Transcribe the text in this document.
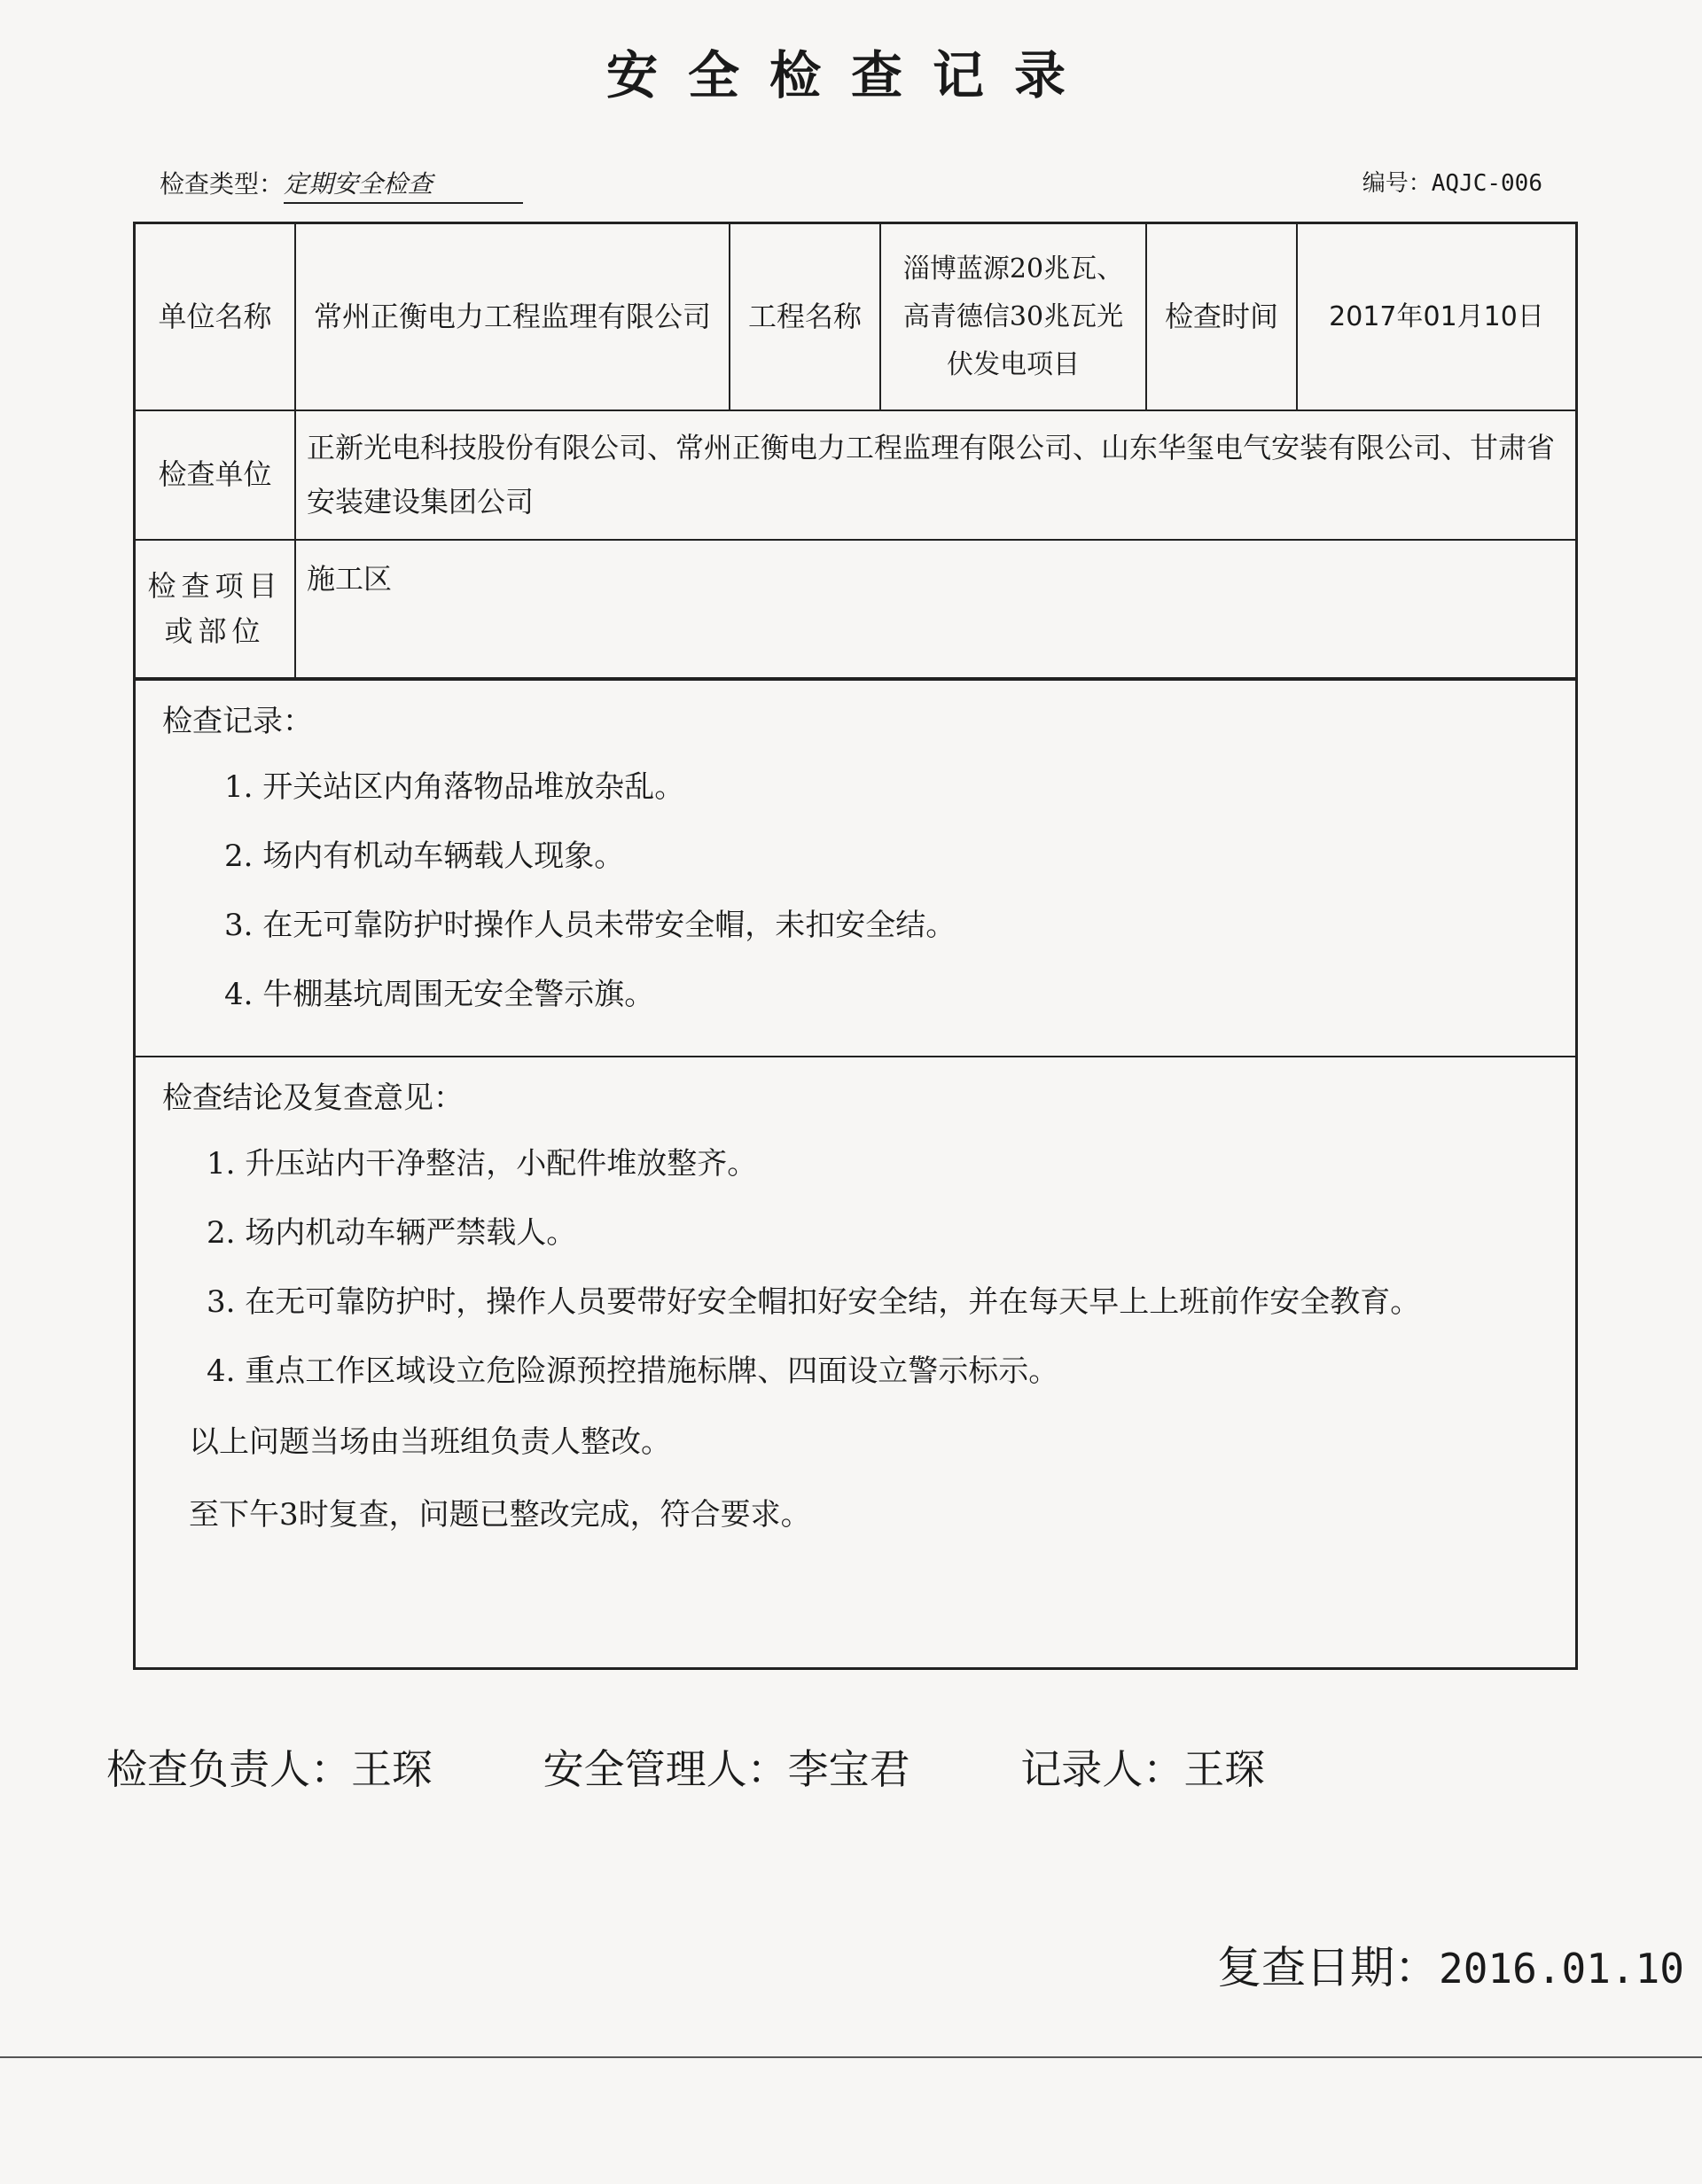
安全检查记录
检查类型：定期安全检查	编号：AQJC-006
单位名称	常州正衡电力工程监理有限公司	工程名称	淄博蓝源20兆瓦、高青德信30兆瓦光伏发电项目	检查时间	2017年01月10日
检查单位	正新光电科技股份有限公司、常州正衡电力工程监理有限公司、山东华玺电气安装有限公司、甘肃省安装建设集团公司				
检查项目或部位	施工区				
检查记录：
1. 开关站区内角落物品堆放杂乱。
2. 场内有机动车辆载人现象。
3. 在无可靠防护时操作人员未带安全帽，未扣安全结。
4. 牛棚基坑周围无安全警示旗。
检查结论及复查意见：
1. 升压站内干净整洁，小配件堆放整齐。
2. 场内机动车辆严禁载人。
3. 在无可靠防护时，操作人员要带好安全帽扣好安全结，并在每天早上上班前作安全教育。
4. 重点工作区域设立危险源预控措施标牌、四面设立警示标示。
以上问题当场由当班组负责人整改。
至下午3时复查，问题已整改完成，符合要求。
检查负责人：王琛	安全管理人：李宝君	记录人：王琛
复查日期：2016.01.10
